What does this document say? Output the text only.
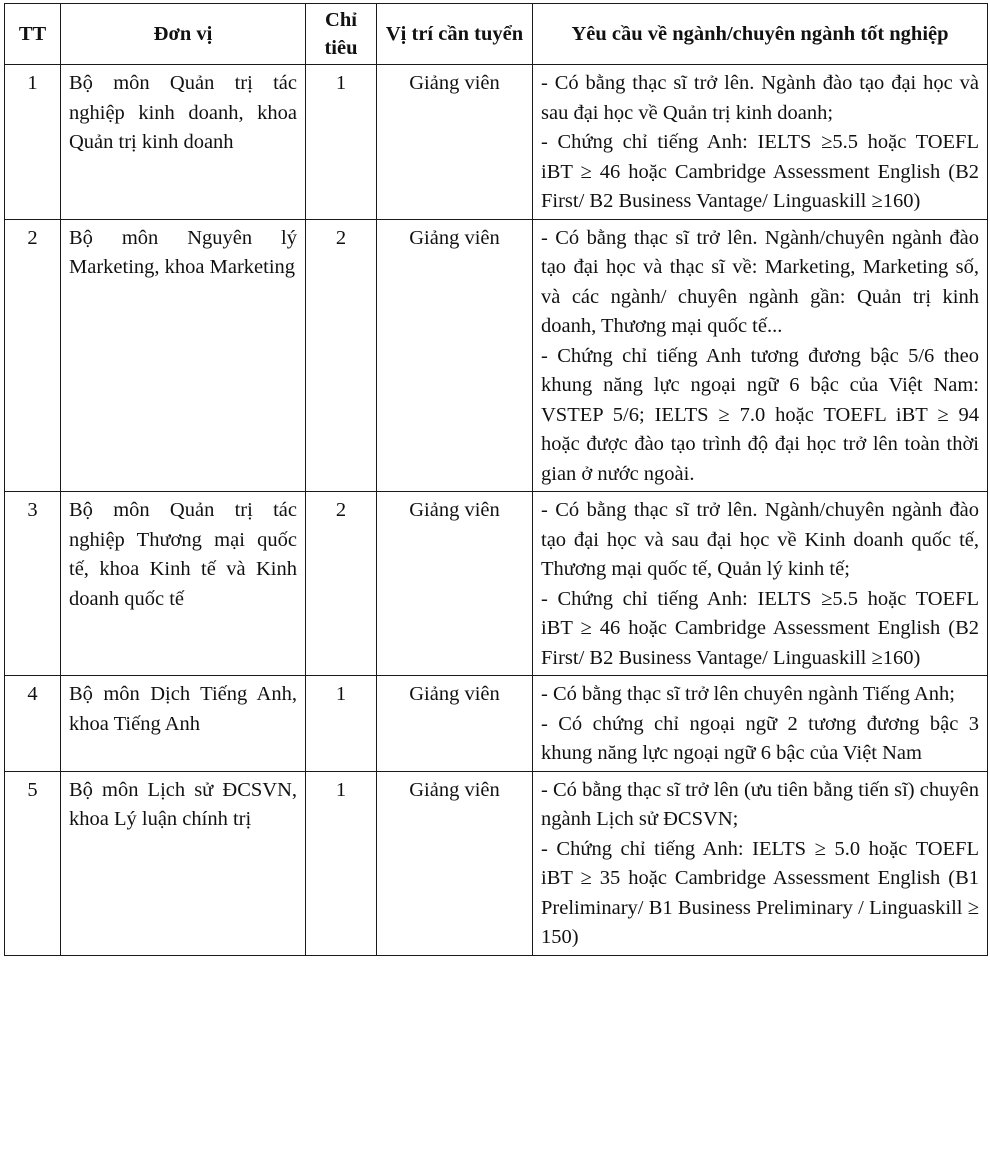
TT	Đơn vị	Chỉ tiêu	Vị trí cần tuyển	Yêu cầu về ngành/chuyên ngành tốt nghiệp
1	Bộ môn Quản trị tác nghiệp kinh doanh, khoa Quản trị kinh doanh	1	Giảng viên	- Có bằng thạc sĩ trở lên. Ngành đào tạo đại học và sau đại học về Quản trị kinh doanh;
- Chứng chỉ tiếng Anh: IELTS ≥5.5 hoặc TOEFL iBT ≥ 46 hoặc Cambridge Assessment English (B2 First/ B2 Business Vantage/ Linguaskill ≥160)

2	Bộ môn Nguyên lý Marketing, khoa Marketing	2	Giảng viên	- Có bằng thạc sĩ trở lên. Ngành/chuyên ngành đào tạo đại học và thạc sĩ về: Marketing, Marketing số, và các ngành/ chuyên ngành gần: Quản trị kinh doanh, Thương mại quốc tế...
- Chứng chỉ tiếng Anh tương đương bậc 5/6 theo khung năng lực ngoại ngữ 6 bậc của Việt Nam: VSTEP 5/6; IELTS ≥ 7.0 hoặc TOEFL iBT ≥ 94 hoặc được đào tạo trình độ đại học trở lên toàn thời gian ở nước ngoài.

3	Bộ môn Quản trị tác nghiệp Thương mại quốc tế, khoa Kinh tế và Kinh doanh quốc tế	2	Giảng viên	- Có bằng thạc sĩ trở lên. Ngành/chuyên ngành đào tạo đại học và sau đại học về Kinh doanh quốc tế, Thương mại quốc tế, Quản lý kinh tế;
- Chứng chỉ tiếng Anh: IELTS ≥5.5 hoặc TOEFL iBT ≥ 46 hoặc Cambridge Assessment English (B2 First/ B2 Business Vantage/ Linguaskill ≥160)

4	Bộ môn Dịch Tiếng Anh, khoa Tiếng Anh	1	Giảng viên	- Có bằng thạc sĩ trở lên chuyên ngành Tiếng Anh;
- Có chứng chỉ ngoại ngữ 2 tương đương bậc 3 khung năng lực ngoại ngữ 6 bậc của Việt Nam

5	Bộ môn Lịch sử ĐCSVN, khoa Lý luận chính trị	1	Giảng viên	- Có bằng thạc sĩ trở lên (ưu tiên bằng tiến sĩ) chuyên ngành Lịch sử ĐCSVN;
- Chứng chỉ tiếng Anh: IELTS ≥ 5.0 hoặc TOEFL iBT ≥ 35 hoặc Cambridge Assessment English (B1 Preliminary/ B1 Business Preliminary / Linguaskill ≥ 150)
